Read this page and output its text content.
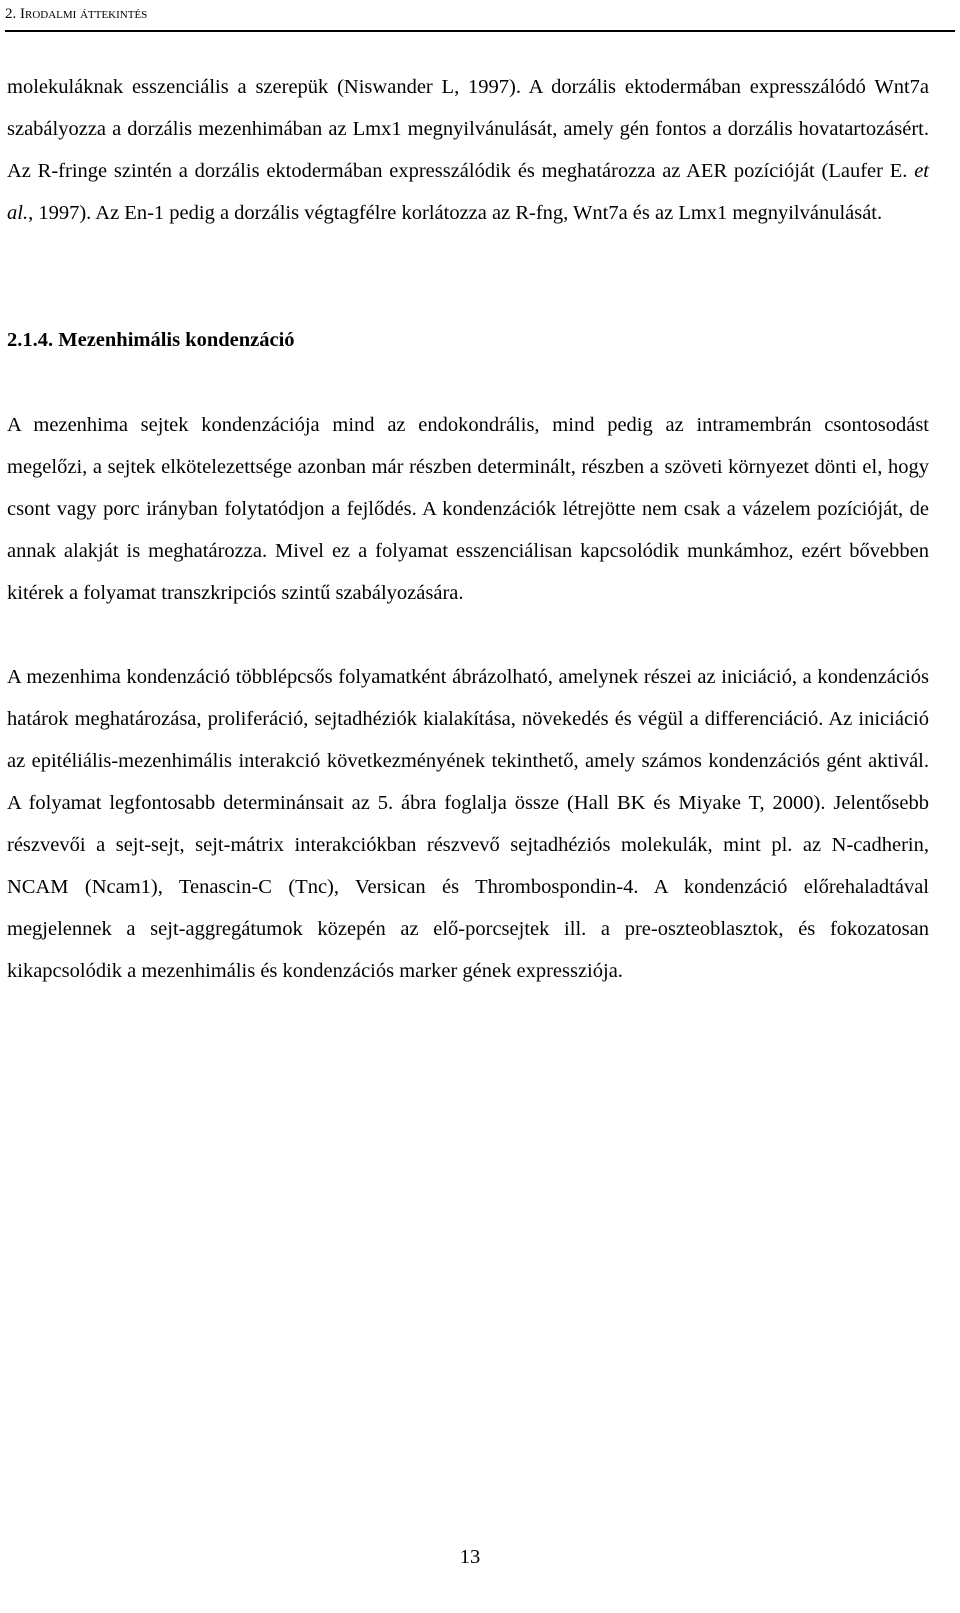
2. Irodalmi áttekintés

molekuláknak esszenciális a szerepük (Niswander L, 1997). A dorzális ektodermában expresszálódó Wnt7a szabályozza a dorzális mezenhimában az Lmx1 megnyilvánulását, amely gén fontos a dorzális hovatartozásért. Az R-fringe szintén a dorzális ektodermában expresszálódik és meghatározza az AER pozícióját (Laufer E. et al., 1997). Az En-1 pedig a dorzális végtagfélre korlátozza az R-fng, Wnt7a és az Lmx1 megnyilvánulását.

2.1.4. Mezenhimális kondenzáció

A mezenhima sejtek kondenzációja mind az endokondrális, mind pedig az intramembrán csontosodást megelőzi, a sejtek elkötelezettsége azonban már részben determinált, részben a szöveti környezet dönti el, hogy csont vagy porc irányban folytatódjon a fejlődés. A kondenzációk létrejötte nem csak a vázelem pozícióját, de annak alakját is meghatározza. Mivel ez a folyamat esszenciálisan kapcsolódik munkámhoz, ezért bővebben kitérek a folyamat transzkripciós szintű szabályozására.

A mezenhima kondenzáció többlépcsős folyamatként ábrázolható, amelynek részei az iniciáció, a kondenzációs határok meghatározása, proliferáció, sejtadhéziók kialakítása, növekedés és végül a differenciáció. Az iniciáció az epitéliális-mezenhimális interakció következményének tekinthető, amely számos kondenzációs gént aktivál. A folyamat legfontosabb determinánsait az 5. ábra foglalja össze (Hall BK és Miyake T, 2000). Jelentősebb részvevői a sejt-sejt, sejt-mátrix interakciókban részvevő sejtadhéziós molekulák, mint pl. az N-cadherin, NCAM (Ncam1), Tenascin-C (Tnc), Versican és Thrombospondin-4. A kondenzáció előrehaladtával megjelennek a sejt-aggregátumok közepén az elő-porcsejtek ill. a pre-oszteoblasztok, és fokozatosan kikapcsolódik a mezenhimális és kondenzációs marker gének expressziója.

13
